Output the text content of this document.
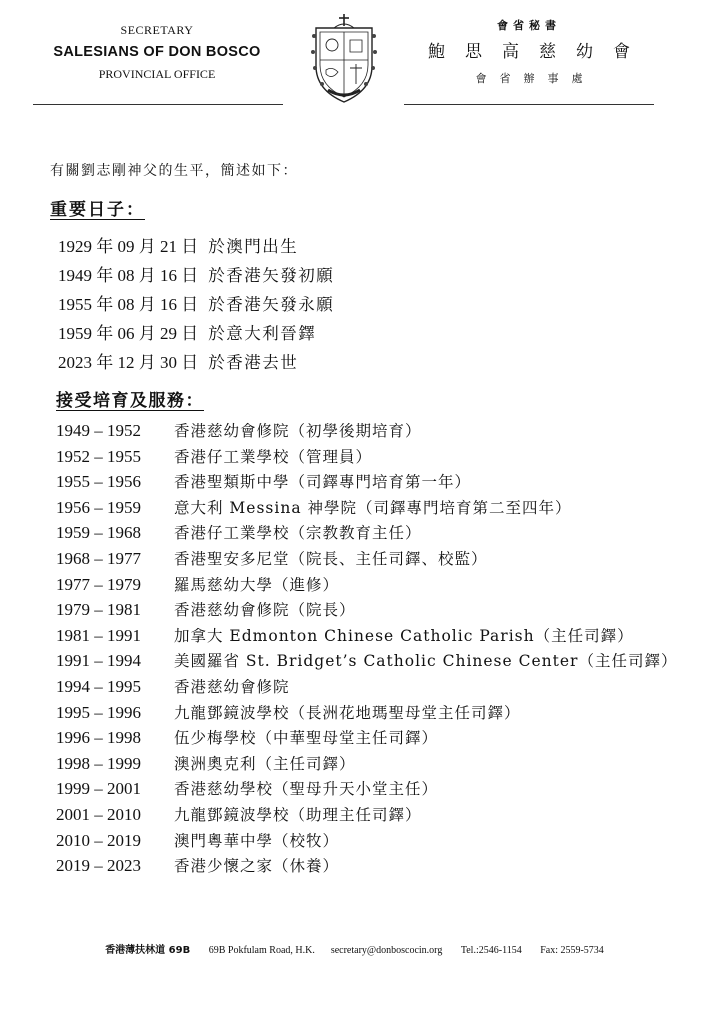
SECRETARY
SALESIANS OF DON BOSCO
PROVINCIAL OFFICE
會省秘書
鮑思高慈幼會
會省辦事處
有關劉志剛神父的生平，簡述如下：
重要日子：
1929 年 09 月 21 日 於澳門出生
1949 年 08 月 16 日 於香港矢發初願
1955 年 08 月 16 日 於香港矢發永願
1959 年 06 月 29 日 於意大利晉鐸
2023 年 12 月 30 日 於香港去世
接受培育及服務：
1949 – 1952 香港慈幼會修院（初學後期培育）
1952 – 1955 香港仔工業學校（管理員）
1955 – 1956 香港聖類斯中學（司鐸專門培育第一年）
1956 – 1959 意大利 Messina 神學院（司鐸專門培育第二至四年）
1959 – 1968 香港仔工業學校（宗教教育主任）
1968 – 1977 香港聖安多尼堂（院長、主任司鐸、校監）
1977 – 1979 羅馬慈幼大學（進修）
1979 – 1981 香港慈幼會修院（院長）
1981 – 1991 加拿大 Edmonton Chinese Catholic Parish（主任司鐸）
1991 – 1994 美國羅省 St. Bridget’s Catholic Chinese Center（主任司鐸）
1994 – 1995 香港慈幼會修院
1995 – 1996 九龍鄧鏡波學校（長洲花地瑪聖母堂主任司鐸）
1996 – 1998 伍少梅學校（中華聖母堂主任司鐸）
1998 – 1999 澳洲奧克利（主任司鐸）
1999 – 2001 香港慈幼學校（聖母升天小堂主任）
2001 – 2010 九龍鄧鏡波學校（助理主任司鐸）
2010 – 2019 澳門粵華中學（校牧）
2019 – 2023 香港少懷之家（休養）
香港薄扶林道 69B 69B Pokfulam Road, H.K. secretary@donboscocin.org Tel.:2546-1154 Fax: 2559-5734
